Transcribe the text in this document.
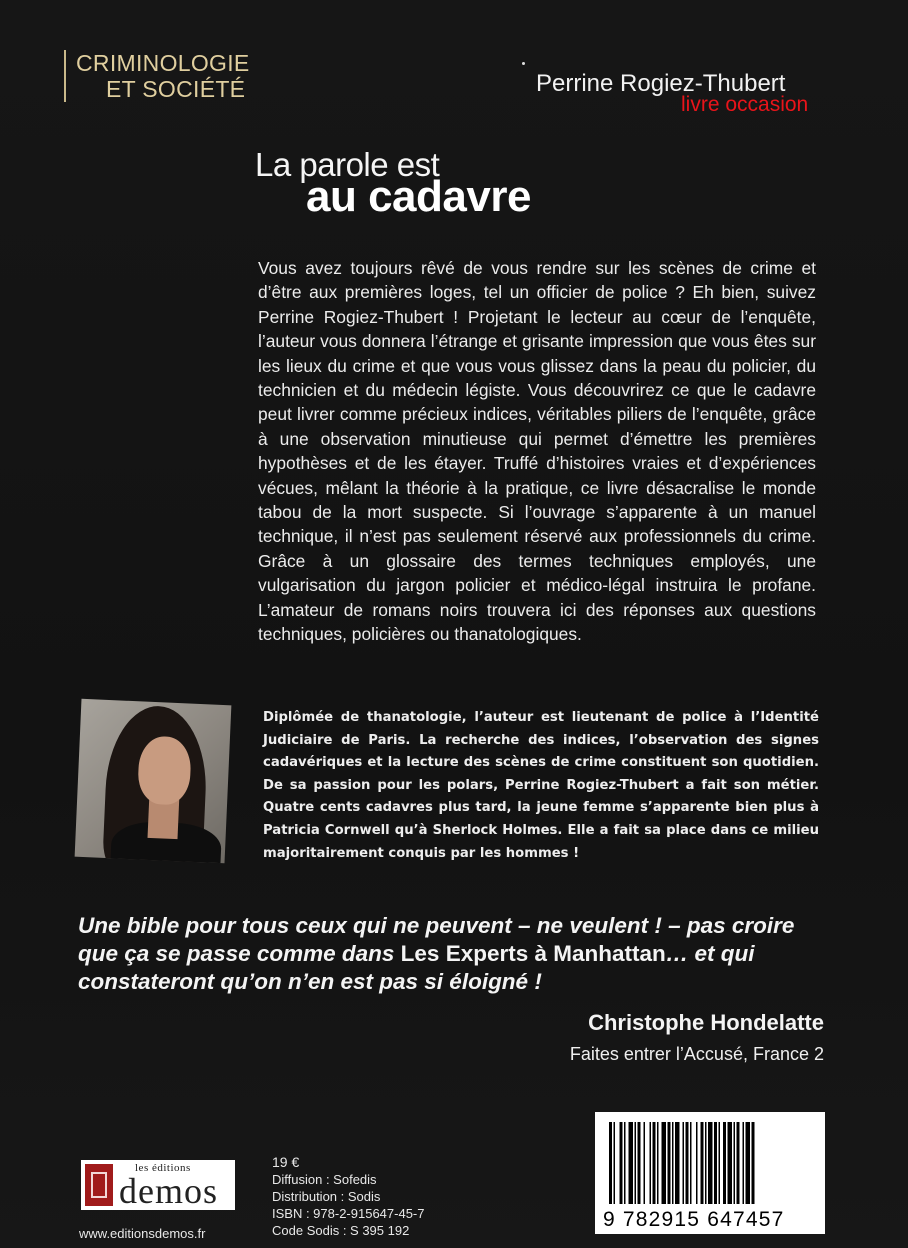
CRIMINOLOGIE
ET SOCIÉTÉ	Perrine Rogiez-Thubert
livre occasion
La parole est
au cadavre
Vous avez toujours rêvé de vous rendre sur les scènes de crime et d’être aux premières loges, tel un officier de police ? Eh bien, suivez Perrine Rogiez-Thubert ! Projetant le lecteur au cœur de l’enquête, l’auteur vous donnera l’étrange et grisante impression que vous êtes sur les lieux du crime et que vous vous glissez dans la peau du policier, du technicien et du médecin légiste. Vous découvrirez ce que le cadavre peut livrer comme précieux indices, véritables piliers de l’enquête, grâce à une observation minutieuse qui permet d’émettre les premières hypothèses et de les étayer. Truffé d’histoires vraies et d’expériences vécues, mêlant la théorie à la pratique, ce livre désacralise le monde tabou de la mort suspecte. Si l’ouvrage s’apparente à un manuel technique, il n’est pas seulement réservé aux professionnels du crime. Grâce à un glossaire des termes techniques employés, une vulgarisation du jargon policier et médico-légal instruira le profane. L’amateur de romans noirs trouvera ici des réponses aux questions techniques, policières ou thanatologiques.
Diplômée de thanatologie, l’auteur est lieutenant de police à l’Identité Judiciaire de Paris. La recherche des indices, l’observation des signes cadavériques et la lecture des scènes de crime constituent son quotidien. De sa passion pour les polars, Perrine Rogiez-Thubert a fait son métier. Quatre cents cadavres plus tard, la jeune femme s’apparente bien plus à Patricia Cornwell qu’à Sherlock Holmes. Elle a fait sa place dans ce milieu majoritairement conquis par les hommes !
Une bible pour tous ceux qui ne peuvent – ne veulent ! – pas croire que ça se passe comme dans Les Experts à Manhattan… et qui constateront qu’on n’en est pas si éloigné !
Christophe Hondelatte
Faites entrer l’Accusé, France 2
les éditions
demos
www.editionsdemos.fr
19 €
Diffusion : Sofedis
Distribution : Sodis
ISBN : 978-2-915647-45-7
Code Sodis : S 395 192	9 782915 647457
